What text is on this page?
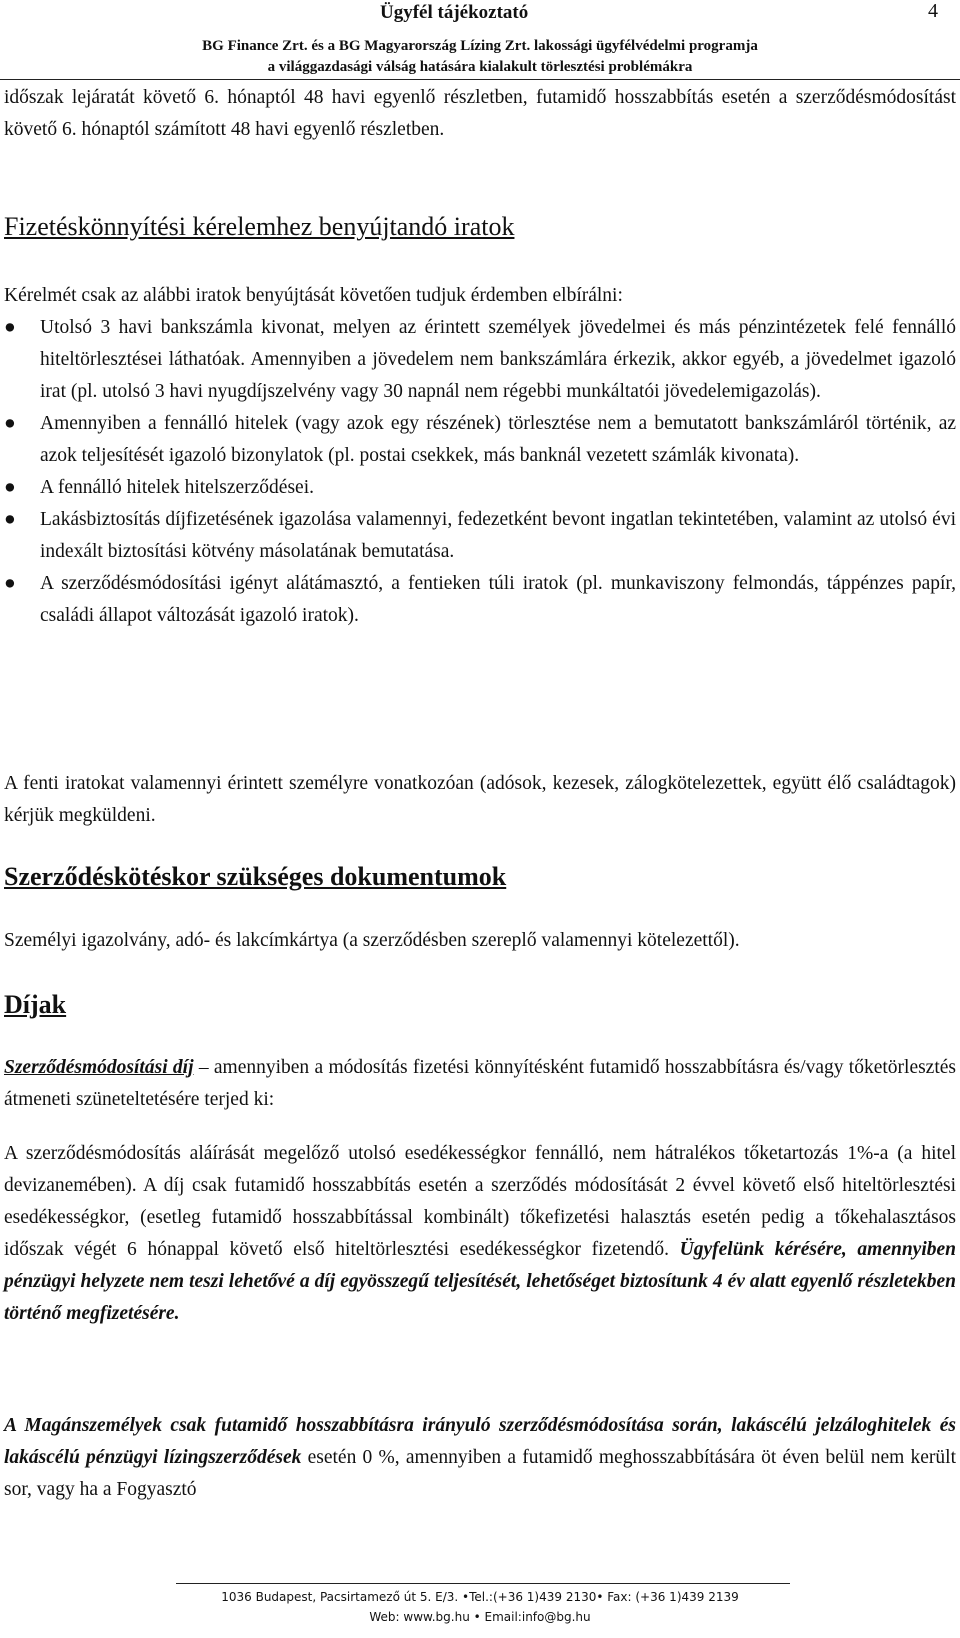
Ügyfél tájékoztató	4
BG Finance Zrt. és a BG Magyarország Lízing Zrt. lakossági ügyfélvédelmi programja
a világgazdasági válság hatására kialakult törlesztési problémákra
időszak lejáratát követő 6. hónaptól 48 havi egyenlő részletben, futamidő hosszabbítás esetén a szerződésmódosítást követő 6. hónaptól számított 48 havi egyenlő részletben.
Fizetéskönnyítési kérelemhez benyújtandó iratok
Kérelmét csak az alábbi iratok benyújtását követően tudjuk érdemben elbírálni:
● Utolsó 3 havi bankszámla kivonat, melyen az érintett személyek jövedelmei és más pénzintézetek felé fennálló hiteltörlesztései láthatóak. Amennyiben a jövedelem nem bankszámlára érkezik, akkor egyéb, a jövedelmet igazoló irat (pl. utolsó 3 havi nyugdíjszelvény vagy 30 napnál nem régebbi munkáltatói jövedelemigazolás).
● Amennyiben a fennálló hitelek (vagy azok egy részének) törlesztése nem a bemutatott bankszámláról történik, az azok teljesítését igazoló bizonylatok (pl. postai csekkek, más banknál vezetett számlák kivonata).
● A fennálló hitelek hitelszerződései.
● Lakásbiztosítás díjfizetésének igazolása valamennyi, fedezetként bevont ingatlan tekintetében, valamint az utolsó évi indexált biztosítási kötvény másolatának bemutatása.
● A szerződésmódosítási igényt alátámasztó, a fentieken túli iratok (pl. munkaviszony felmondás, táppénzes papír, családi állapot változását igazoló iratok).
A fenti iratokat valamennyi érintett személyre vonatkozóan (adósok, kezesek, zálogkötelezettek, együtt élő családtagok) kérjük megküldeni.
Szerződéskötéskor szükséges dokumentumok
Személyi igazolvány, adó- és lakcímkártya (a szerződésben szereplő valamennyi kötelezettől).
Díjak

Szerződésmódosítási díj – amennyiben a módosítás fizetési könnyítésként futamidő hosszabbításra és/vagy tőketörlesztés átmeneti szüneteltetésére terjed ki:

A szerződésmódosítás aláírását megelőző utolsó esedékességkor fennálló, nem hátralékos tőketartozás 1%-a (a hitel devizanemében). A díj csak futamidő hosszabbítás esetén a szerződés módosítását 2 évvel követő első hiteltörlesztési esedékességkor, (esetleg futamidő hosszabbítással kombinált) tőkefizetési halasztás esetén pedig a tőkehalasztásos időszak végét 6 hónappal követő első hiteltörlesztési esedékességkor fizetendő. Ügyfelünk kérésére, amennyiben pénzügyi helyzete nem teszi lehetővé a díj egyösszegű teljesítését, lehetőséget biztosítunk 4 év alatt egyenlő részletekben történő megfizetésére.

A Magánszemélyek csak futamidő hosszabbításra irányuló szerződésmódosítása során, lakáscélú jelzáloghitelek és lakáscélú pénzügyi lízingszerződések esetén 0 %, amennyiben a futamidő meghosszabbítására öt éven belül nem került sor, vagy ha a Fogyasztó

1036 Budapest, Pacsirtamező út 5. E/3. •Tel.:(+36 1)439 2130• Fax: (+36 1)439 2139
Web: www.bg.hu • Email:info@bg.hu
